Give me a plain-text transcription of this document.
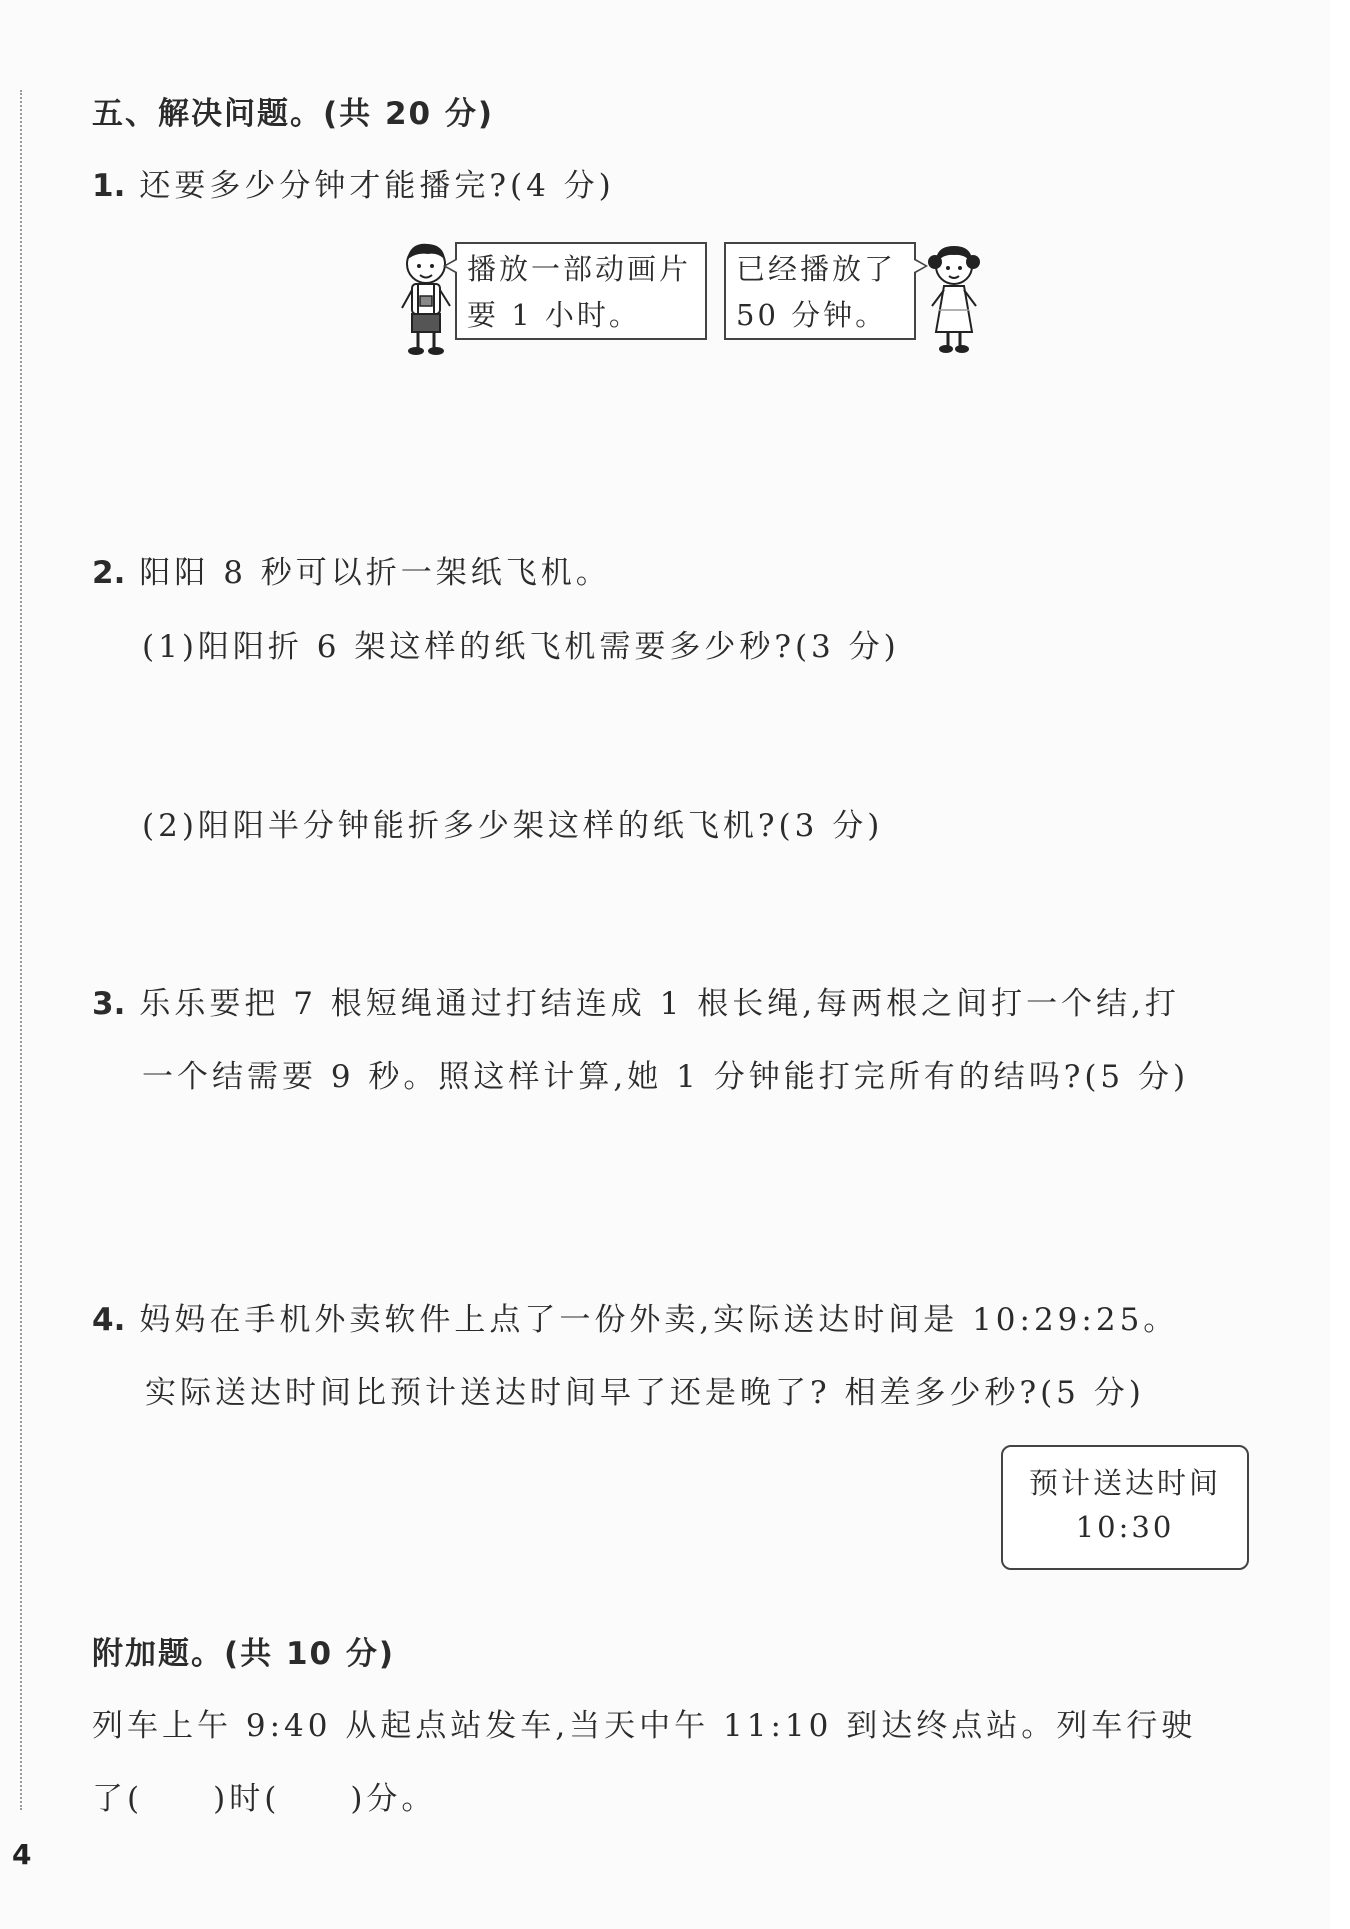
五、解决问题。(共 20 分)
1. 还要多少分钟才能播完?(4 分)
播放一部动画片
要 1 小时。
已经播放了
50 分钟。
2. 阳阳 8 秒可以折一架纸飞机。
(1)阳阳折 6 架这样的纸飞机需要多少秒?(3 分)
(2)阳阳半分钟能折多少架这样的纸飞机?(3 分)
3. 乐乐要把 7 根短绳通过打结连成 1 根长绳,每两根之间打一个结,打
一个结需要 9 秒。照这样计算,她 1 分钟能打完所有的结吗?(5 分)
4. 妈妈在手机外卖软件上点了一份外卖,实际送达时间是 10:29:25。
实际送达时间比预计送达时间早了还是晚了? 相差多少秒?(5 分)
预计送达时间
10:30
附加题。(共 10 分)
列车上午 9:40 从起点站发车,当天中午 11:10 到达终点站。列车行驶
了( )时( )分。
4
